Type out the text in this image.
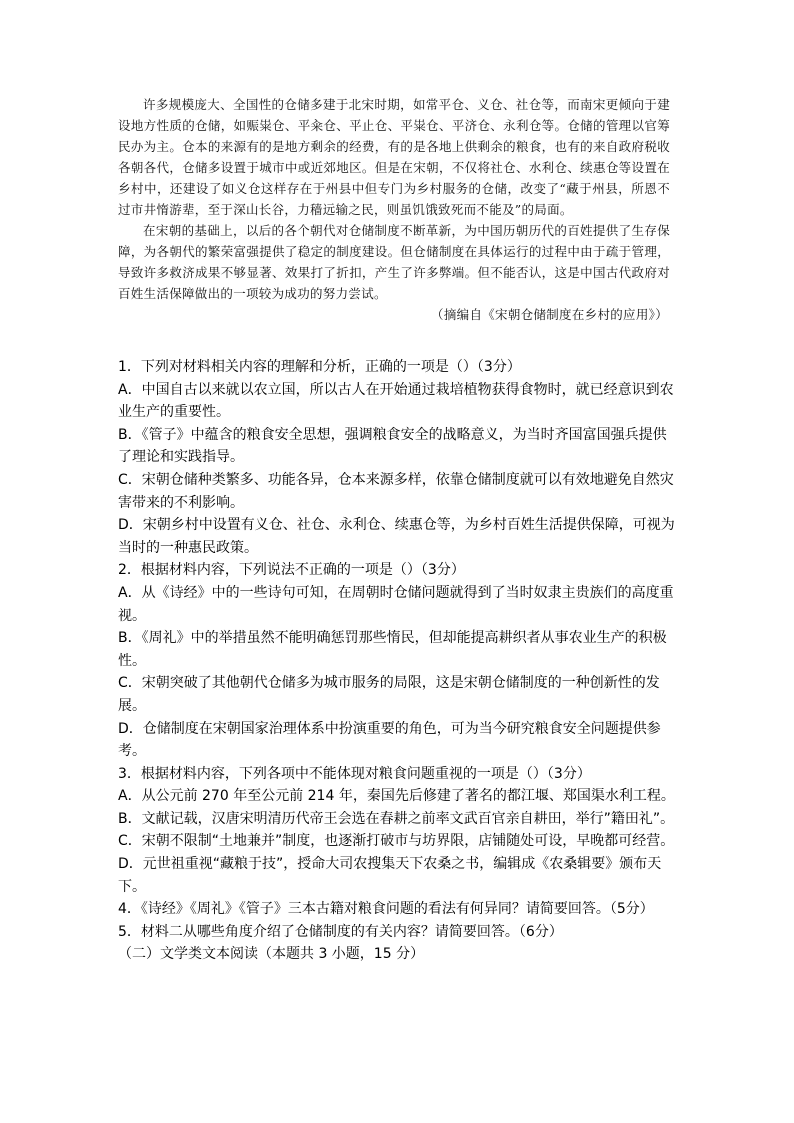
许多规模庞大、全国性的仓储多建于北宋时期，如常平仓、义仓、社仓等，而南宋更倾向于建设地方性质的仓储，如赈粜仓、平籴仓、平止仓、平粜仓、平济仓、永利仓等。仓储的管理以官筹民办为主。仓本的来源有的是地方剩余的经费，有的是各地上供剩余的粮食，也有的来自政府税收各朝各代，仓储多设置于城市中或近郊地区。但是在宋朝，不仅将社仓、水利仓、续惠仓等设置在乡村中，还建设了如义仓这样存在于州县中但专门为乡村服务的仓储，改变了“藏于州县，所恩不过市井惰游辈，至于深山长谷，力穑远输之民，则虽饥饿致死而不能及”的局面。

在宋朝的基础上，以后的各个朝代对仓储制度不断革新，为中国历朝历代的百姓提供了生存保障，为各朝代的繁荣富强提供了稳定的制度建设。但仓储制度在具体运行的过程中由于疏于管理，导致许多救济成果不够显著、效果打了折扣，产生了许多弊端。但不能否认，这是中国古代政府对百姓生活保障做出的一项较为成功的努力尝试。

（摘编自《宋朝仓储制度在乡村的应用》）
1．下列对材料相关内容的理解和分析，正确的一项是（）（3分）
A．中国自古以来就以农立国，所以古人在开始通过栽培植物获得食物时，就已经意识到农业生产的重要性。
B．《管子》中蕴含的粮食安全思想，强调粮食安全的战略意义，为当时齐国富国强兵提供了理论和实践指导。
C．宋朝仓储种类繁多、功能各异，仓本来源多样，依靠仓储制度就可以有效地避免自然灾害带来的不利影响。
D．宋朝乡村中设置有义仓、社仓、永利仓、续惠仓等，为乡村百姓生活提供保障，可视为当时的一种惠民政策。
2．根据材料内容，下列说法不正确的一项是（）（3分）
A．从《诗经》中的一些诗句可知，在周朝时仓储问题就得到了当时奴隶主贵族们的高度重视。
B．《周礼》中的举措虽然不能明确惩罚那些惰民，但却能提高耕织者从事农业生产的积极性。
C．宋朝突破了其他朝代仓储多为城市服务的局限，这是宋朝仓储制度的一种创新性的发展。
D．仓储制度在宋朝国家治理体系中扮演重要的角色，可为当今研究粮食安全问题提供参考。
3．根据材料内容，下列各项中不能体现对粮食问题重视的一项是（）（3分）
A．从公元前 270 年至公元前 214 年，秦国先后修建了著名的都江堰、郑国渠水利工程。
B．文献记载，汉唐宋明清历代帝王会选在春耕之前率文武百官亲自耕田，举行”籍田礼”。
C．宋朝不限制“土地兼并”制度，也逐渐打破市与坊界限，店铺随处可设，早晚都可经营。
D．元世祖重视“藏粮于技”，授命大司农搜集天下农桑之书，编辑成《农桑辑要》颁布天下。
4．《诗经》《周礼》《管子》三本古籍对粮食问题的看法有何异同？请简要回答。（5分）
5．材料二从哪些角度介绍了仓储制度的有关内容？请简要回答。（6分）
（二）文学类文本阅读（本题共 3 小题，15 分）
